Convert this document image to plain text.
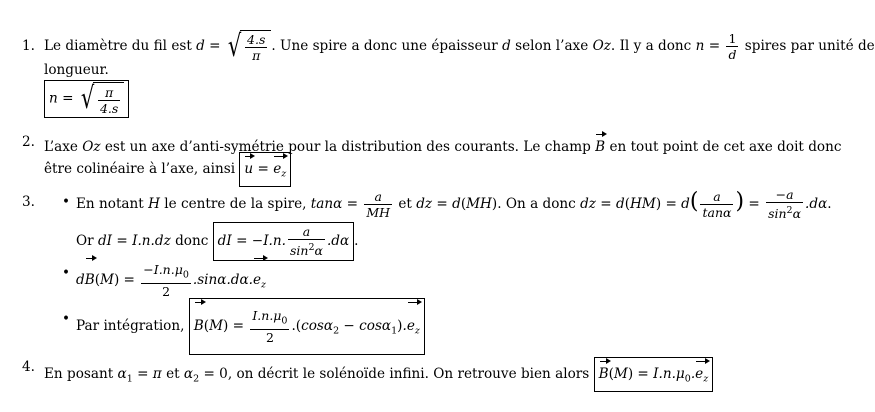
1. Le diamètre du fil est d = √ $\frac{4.s}{\pi}$ . Une spire a donc une épaisseur d selon l’axe Oz. Il y a donc $n = \frac{1}{d}$ spires par unité de
longueur.
n = √ $\frac{\pi}{4.s}$
2. L’axe Oz est un axe d’anti-symétrie pour la distribution des courants. Le champ B en tout point de cet axe doit donc
être colinéaire à l’axe, ainsi $u = e_z$
3. • En notant H le centre de la spire, $\tan\alpha = \frac{a}{MH}$ et dz = d(MH). On a donc dz = $d(HM) = d( \frac{a}{\tan\alpha}$ ) = $\frac{-a}{\sin^2\alpha} .d\alpha$.
Or dI = I.n.dz donc dI = −I.n. $\frac{a}{\sin^2\alpha} .d\alpha$ .
• $dB(M) = \frac{-I.n.\mu_0}{2} .\sin\alpha.d\alpha.e_z$
• Par intégration, $B(M) = \frac{I.n.\mu_0}{2} .(\cos\alpha_2 - \cos\alpha_1).e_z$
4. En posant $\alpha_1 = \pi$ et $\alpha_2 = 0$, on décrit le solénoïde infini. On retrouve bien alors $B(M) = I.n.\mu_0.e_z$
